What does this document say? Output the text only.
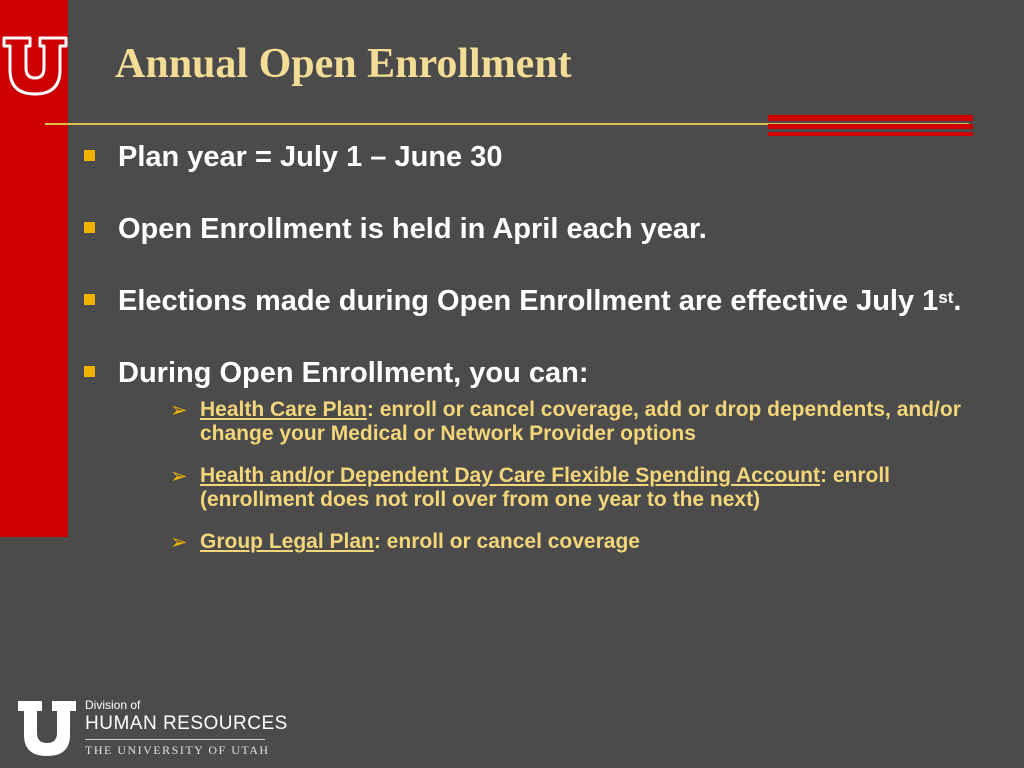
Annual Open Enrollment
Plan year = July 1 – June 30
Open Enrollment is held in April each year.
Elections made during Open Enrollment are effective July 1st.
During Open Enrollment, you can:
➢ Health Care Plan: enroll or cancel coverage, add or drop dependents, and/or change your Medical or Network Provider options
➢ Health and/or Dependent Day Care Flexible Spending Account: enroll (enrollment does not roll over from one year to the next)
➢ Group Legal Plan: enroll or cancel coverage
Division of
HUMAN RESOURCES
THE UNIVERSITY OF UTAH
